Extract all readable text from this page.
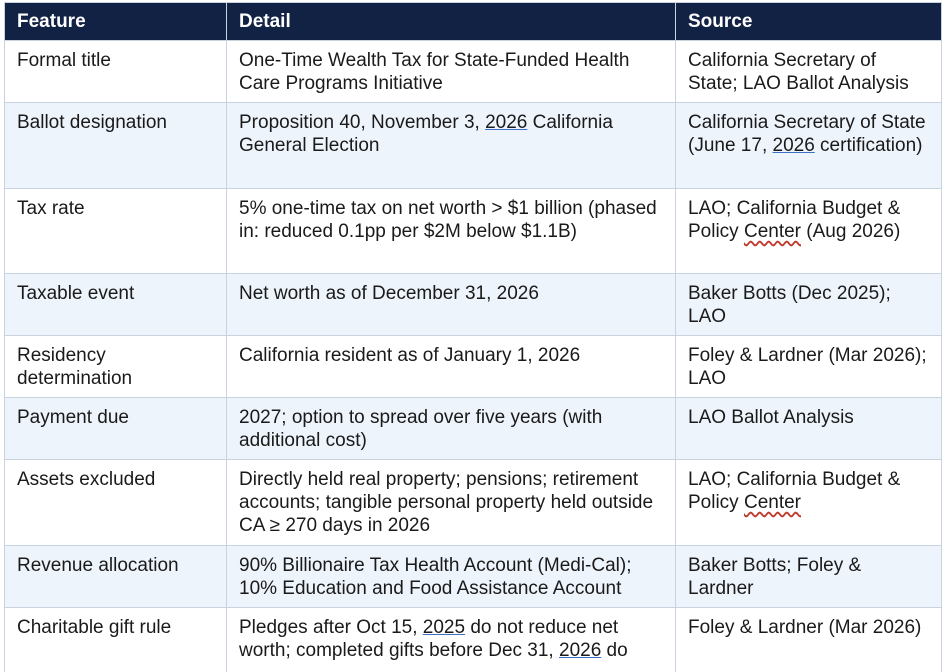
Feature	Detail	Source
Formal title	One-Time Wealth Tax for State-Funded Health Care Programs Initiative	California Secretary of State; LAO Ballot Analysis
Ballot designation	Proposition 40, November 3, 2026 California General Election	California Secretary of State (June 17, 2026 certification)
Tax rate	5% one-time tax on net worth > $1 billion (phased in: reduced 0.1pp per $2M below $1.1B)	LAO; California Budget & Policy Center (Aug 2026)
Taxable event	Net worth as of December 31, 2026	Baker Botts (Dec 2025); LAO
Residency determination	California resident as of January 1, 2026	Foley & Lardner (Mar 2026); LAO
Payment due	2027; option to spread over five years (with additional cost)	LAO Ballot Analysis
Assets excluded	Directly held real property; pensions; retirement accounts; tangible personal property held outside CA ≥ 270 days in 2026	LAO; California Budget & Policy Center
Revenue allocation	90% Billionaire Tax Health Account (Medi-Cal); 10% Education and Food Assistance Account	Baker Botts; Foley & Lardner
Charitable gift rule	Pledges after Oct 15, 2025 do not reduce net worth; completed gifts before Dec 31, 2026 do	Foley & Lardner (Mar 2026)
